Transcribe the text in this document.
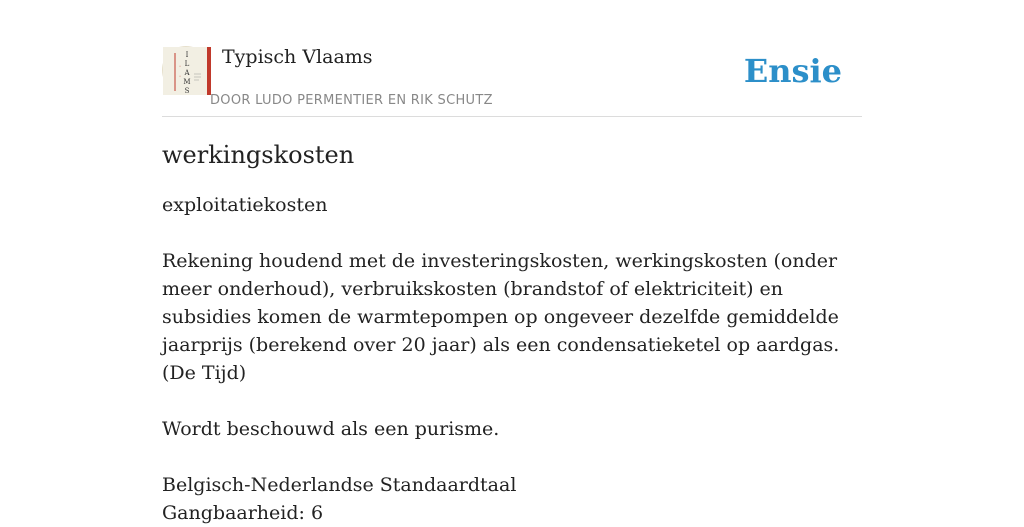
I
L
A
M
S
•
•
Typisch Vlaams
DOOR LUDO PERMENTIER EN RIK SCHUTZ
Ensie
werkingskosten

exploitatiekosten

Rekening houdend met de investeringskosten, werkingskosten (onder meer onderhoud), verbruikskosten (brandstof of elektriciteit) en subsidies komen de warmtepompen op ongeveer dezelfde gemiddelde jaarprijs (berekend over 20 jaar) als een condensatieketel op aardgas.

(De Tijd)

Wordt beschouwd als een purisme.

Belgisch-Nederlandse Standaardtaal

Gangbaarheid: 6
